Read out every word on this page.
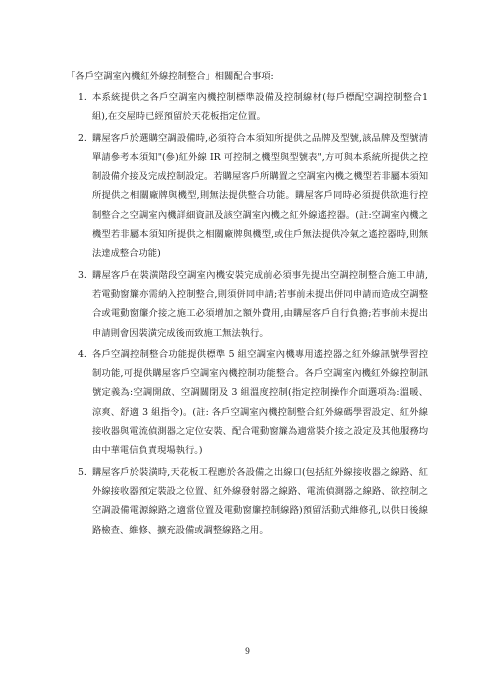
「各戶空調室內機紅外線控制整合」相關配合事項:
1. 本系統提供之各戶空調室內機控制標準設備及控制線材(每戶標配空調控制整合1組),在交屋時已經預留於天花板指定位置。
2. 購屋客戶於選購空調設備時,必須符合本須知所提供之品牌及型號,該品牌及型號清單請參考本須知"(參)紅外線 IR 可控制之機型與型號表",方可與本系統所提供之控制設備介接及完成控制設定。若購屋客戶所購置之空調室內機之機型若非屬本須知所提供之相關廠牌與機型,則無法提供整合功能。購屋客戶同時必須提供欲進行控制整合之空調室內機詳細資訊及該空調室內機之紅外線遙控器。(註:空調室內機之機型若非屬本須知所提供之相關廠牌與機型,或住戶無法提供冷氣之遙控器時,則無法達成整合功能)
3. 購屋客戶在裝潢階段空調室內機安裝完成前必須事先提出空調控制整合施工申請,若電動窗簾亦需納入控制整合,則須併同申請;若事前未提出併同申請而造成空調整合或電動窗簾介接之施工必須增加之額外費用,由購屋客戶自行負擔;若事前未提出申請則會因裝潢完成後而致施工無法執行。
4. 各戶空調控制整合功能提供標準 5 組空調室內機專用遙控器之紅外線訊號學習控制功能,可提供購屋客戶空調室內機控制功能整合。各戶空調室內機紅外線控制訊號定義為:空調開啟、空調關閉及 3 組溫度控制(指定控制操作介面選項為:溫暖、涼爽、舒適 3 組指令)。(註: 各戶空調室內機控制整合紅外線碼學習設定、紅外線接收器與電流偵測器之定位安裝、配合電動窗簾為適當裝介接之設定及其他服務均由中華電信負責現場執行。)
5. 購屋客戶於裝潢時,天花板工程應於各設備之出線口(包括紅外線接收器之線路、紅外線接收器預定裝設之位置、紅外線發射器之線路、電流偵測器之線路、欲控制之空調設備電源線路之適當位置及電動窗簾控制線路)預留活動式維修孔,以供日後線路檢查、維修、擴充設備或調整線路之用。
9
